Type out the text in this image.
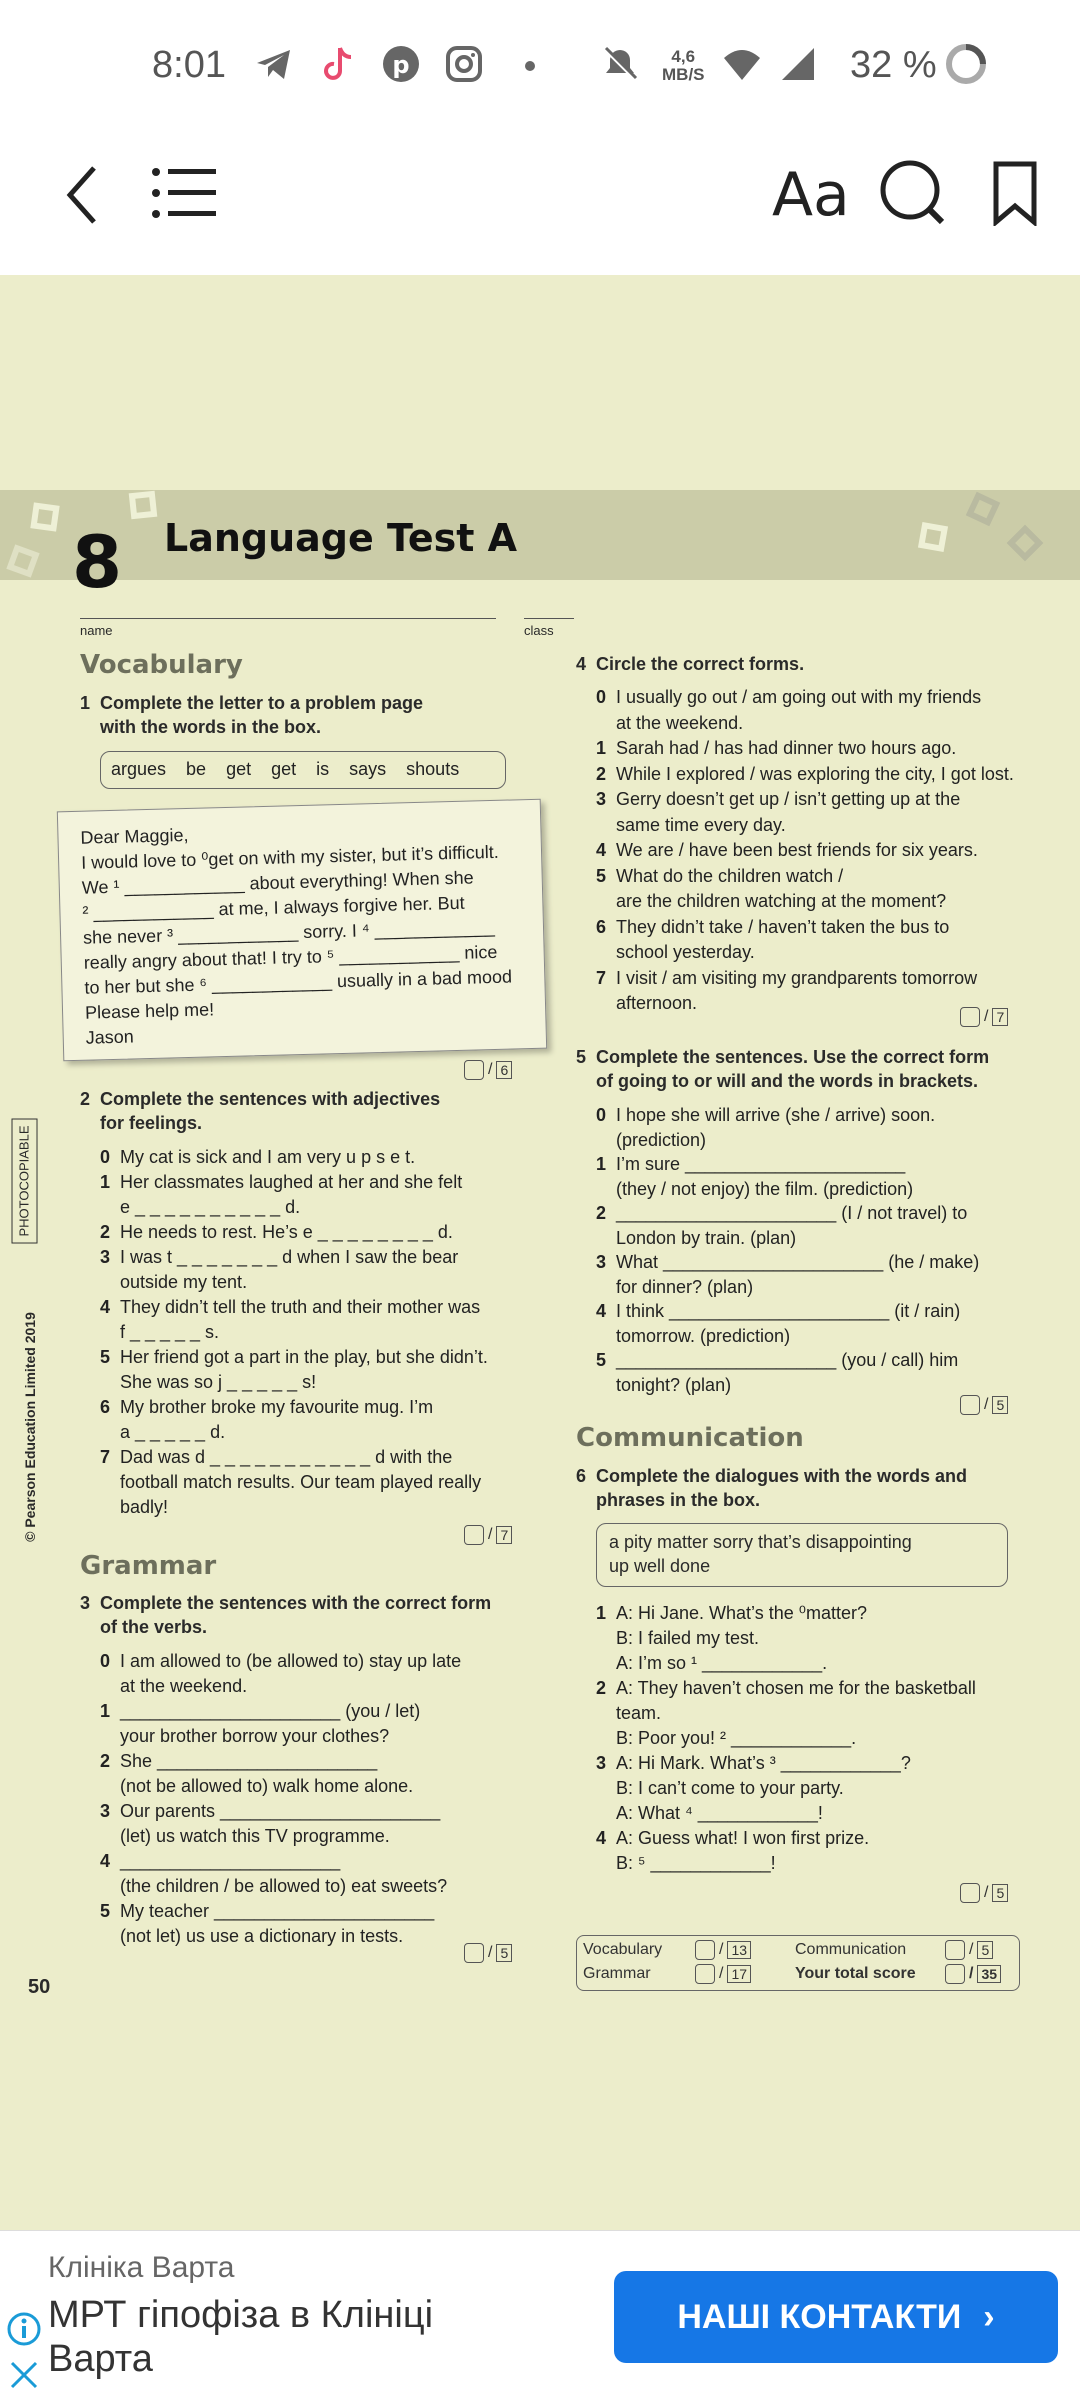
8:01	p	4,6
MB/S	32 %
Aa
8 Language Test A
name	class
© Pearson Education Limited 2019
PHOTOCOPIABLE
50
Vocabulary
1 Complete the letter to a problem page
with the words in the box.
argues be get get is says shouts
Dear Maggie,
I would love to ⁰get on with my sister, but it’s difficult.
We ¹ ____________ about everything! When she
² ____________ at me, I always forgive her. But
she never ³ ____________ sorry. I ⁴ ____________
really angry about that! I try to ⁵ ____________ nice
to her but she ⁶ ____________ usually in a bad mood
Please help me!
Jason
/ 6
2 Complete the sentences with adjectives
for feelings.
0 My cat is sick and I am very u p s e t.
1 Her classmates laughed at her and she felt
e _ _ _ _ _ _ _ _ _ _ d.
2 He needs to rest. He’s e _ _ _ _ _ _ _ _ d.
3 I was t _ _ _ _ _ _ _ d when I saw the bear
outside my tent.
4 They didn’t tell the truth and their mother was
f _ _ _ _ _ s.
5 Her friend got a part in the play, but she didn’t.
She was so j _ _ _ _ _ s!
6 My brother broke my favourite mug. I’m
a _ _ _ _ _ d.
7 Dad was d _ _ _ _ _ _ _ _ _ _ _ d with the
football match results. Our team played really
badly!
/ 7
Grammar
3 Complete the sentences with the correct form
of the verbs.
0 I am allowed to (be allowed to) stay up late
at the weekend.
1 ______________________ (you / let)
your brother borrow your clothes?
2 She ______________________
(not be allowed to) walk home alone.
3 Our parents ______________________
(let) us watch this TV programme.
4 ______________________
(the children / be allowed to) eat sweets?
5 My teacher ______________________
(not let) us use a dictionary in tests.
/ 5
4 Circle the correct forms.
0 I usually go out / am going out with my friends
at the weekend.
1 Sarah had / has had dinner two hours ago.
2 While I explored / was exploring the city, I got lost.
3 Gerry doesn’t get up / isn’t getting up at the
same time every day.
4 We are / have been best friends for six years.
5 What do the children watch /
are the children watching at the moment?
6 They didn’t take / haven’t taken the bus to
school yesterday.
7 I visit / am visiting my grandparents tomorrow
afternoon.
/ 7
5 Complete the sentences. Use the correct form
of going to or will and the words in brackets.
0 I hope she will arrive (she / arrive) soon.
(prediction)
1 I’m sure ______________________
(they / not enjoy) the film. (prediction)
2 ______________________ (I / not travel) to
London by train. (plan)
3 What ______________________ (he / make)
for dinner? (plan)
4 I think ______________________ (it / rain)
tomorrow. (prediction)
5 ______________________ (you / call) him
tonight? (plan)
/ 5
Communication
6 Complete the dialogues with the words and
phrases in the box.
a pity matter sorry that’s disappointing
up well done
1 A: Hi Jane. What’s the ⁰matter?
B: I failed my test.
A: I’m so ¹ ____________.
2 A: They haven’t chosen me for the basketball
team.
B: Poor you! ² ____________.
3 A: Hi Mark. What’s ³ ____________?
B: I can’t come to your party.
A: What ⁴ ____________!
4 A: Guess what! I won first prize.
B: ⁵ ____________!
/ 5
Vocabulary	/ 13
Grammar	/ 17
Communication	/ 5
Your total score	/ 35
Клініка Варта
МРТ гіпофіза в Клініці Варта
НАШІ КОНТАКТИ ›
